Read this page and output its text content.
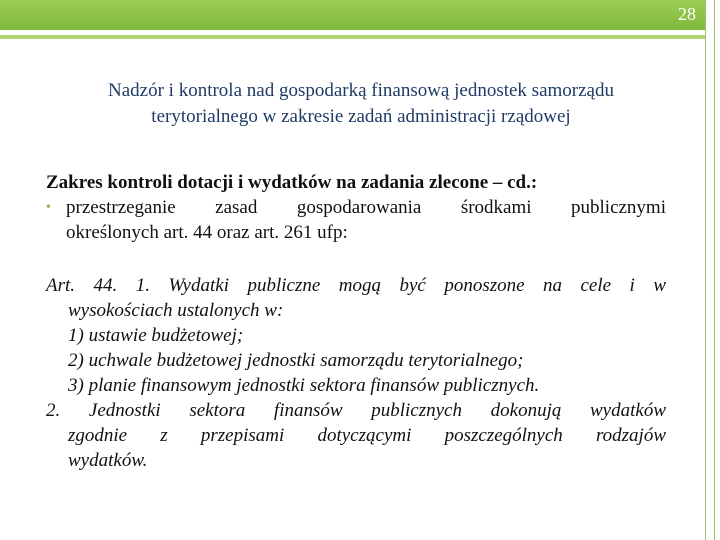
28
Nadzór i kontrola nad gospodarką finansową jednostek samorządu
terytorialnego w zakresie zadań administracji rządowej

Zakres kontroli dotacji i wydatków na zadania zlecone – cd.:

• przestrzeganie zasad gospodarowania środkami publicznymi
określonych art. 44 oraz art. 261 ufp:
Art. 44. 1. Wydatki publiczne mogą być ponoszone na cele i w
wysokościach ustalonych w:
1) ustawie budżetowej;
2) uchwale budżetowej jednostki samorządu terytorialnego;
3) planie finansowym jednostki sektora finansów publicznych.
2. Jednostki sektora finansów publicznych dokonują wydatków
zgodnie z przepisami dotyczącymi poszczególnych rodzajów
wydatków.
